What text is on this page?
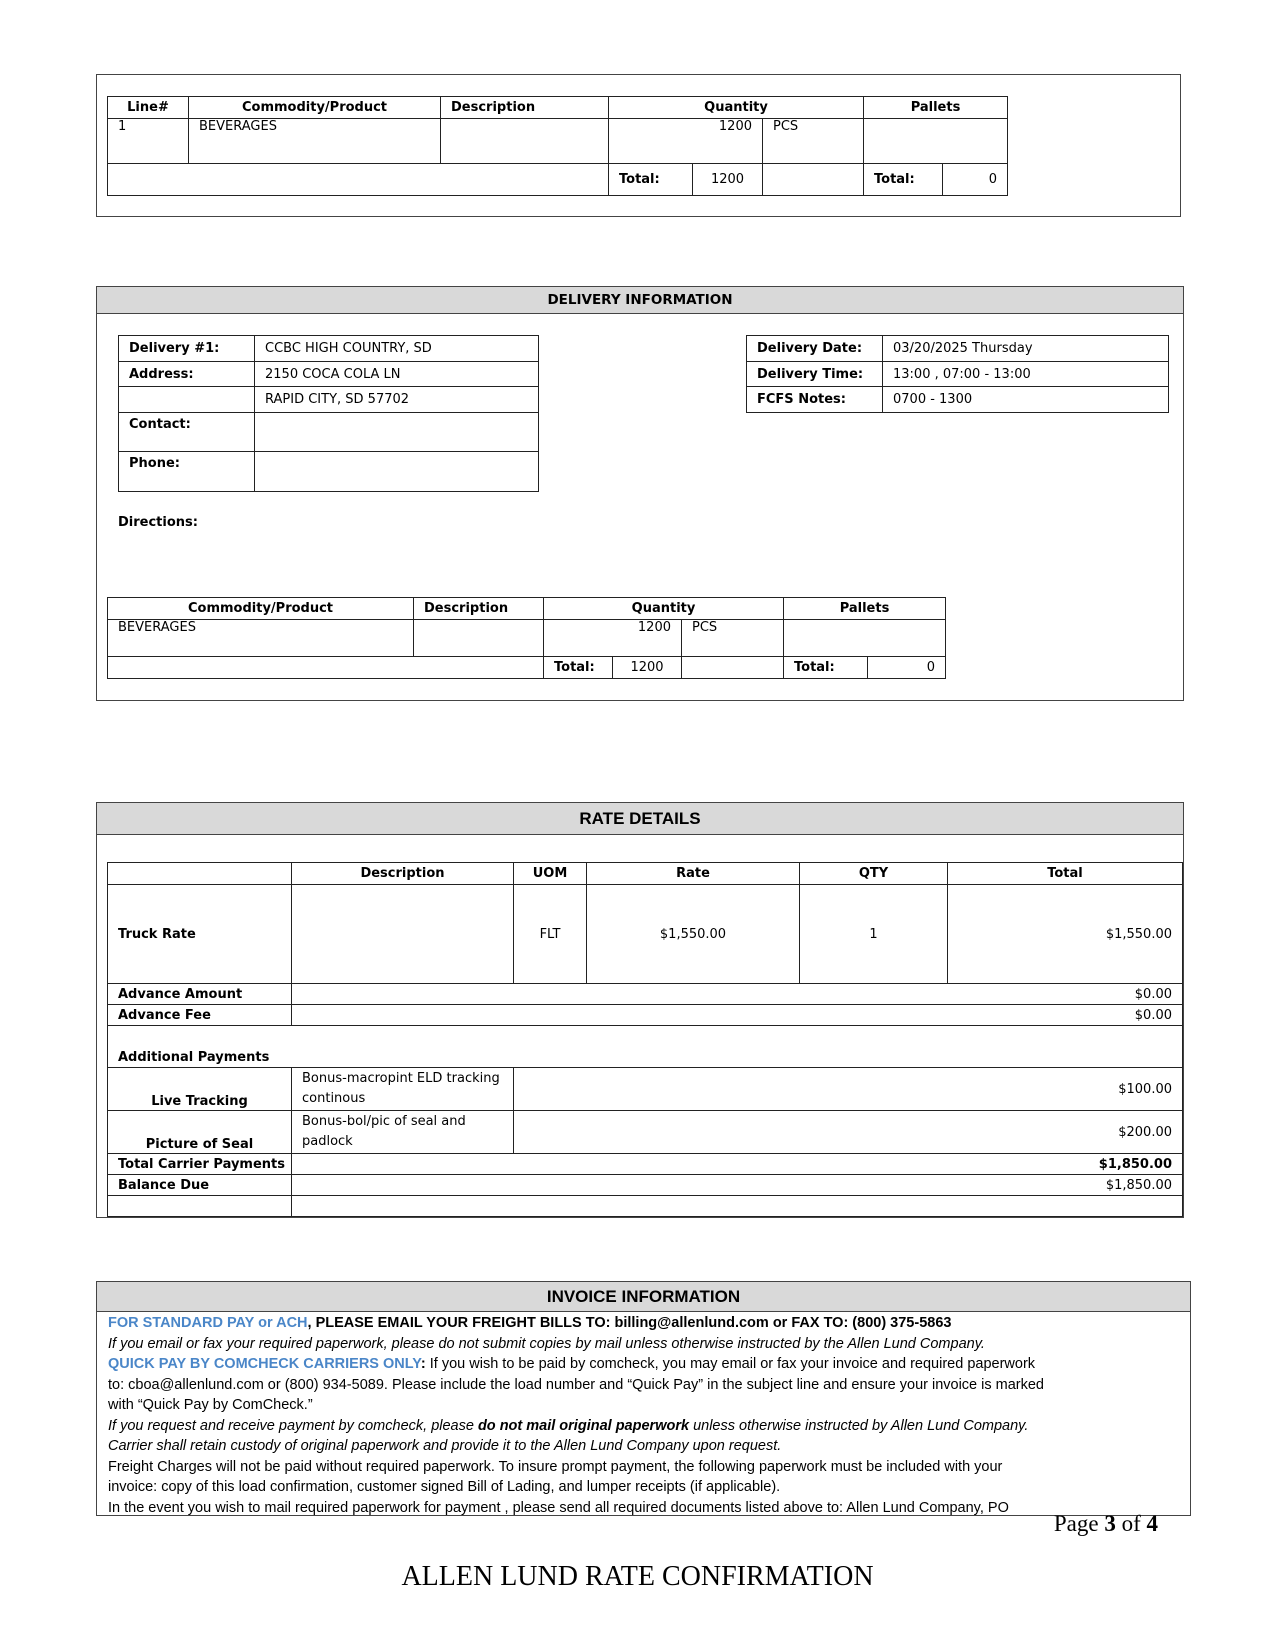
Line#	Commodity/Product	Description	Quantity			Pallets	
1	BEVERAGES		1200		PCS		
			Total:	1200		Total:	0
DELIVERY INFORMATION
Delivery #1:	CCBC HIGH COUNTRY, SD
Address:	2150 COCA COLA LN
	RAPID CITY, SD 57702
Contact:	
Phone:	
Delivery Date:	03/20/2025 Thursday
Delivery Time:	13:00 , 07:00 - 13:00
FCFS Notes:	0700 - 1300
Directions:
Commodity/Product	Description	Quantity			Pallets	
BEVERAGES		1200		PCS		
		Total:	1200		Total:	0
RATE DETAILS
	Description	UOM	Rate	QTY	Total
Truck Rate		FLT	$1,550.00	1	$1,550.00
Advance Amount	$0.00				
Advance Fee	$0.00				
Additional Payments					
Live Tracking	Bonus-macropint ELD tracking continous	$100.00			
Picture of Seal	Bonus-bol/pic of seal and padlock	$200.00			
Total Carrier Payments	$1,850.00				
Balance Due	$1,850.00				

INVOICE INFORMATION
FOR STANDARD PAY or ACH, PLEASE EMAIL YOUR FREIGHT BILLS TO: billing@allenlund.com or FAX TO: (800) 375-5863
If you email or fax your required paperwork, please do not submit copies by mail unless otherwise instructed by the Allen Lund Company.
QUICK PAY BY COMCHECK CARRIERS ONLY: If you wish to be paid by comcheck, you may email or fax your invoice and required paperwork
to: cboa@allenlund.com or (800) 934-5089. Please include the load number and “Quick Pay” in the subject line and ensure your invoice is marked
with “Quick Pay by ComCheck.”
If you request and receive payment by comcheck, please do not mail original paperwork unless otherwise instructed by Allen Lund Company.
Carrier shall retain custody of original paperwork and provide it to the Allen Lund Company upon request.
Freight Charges will not be paid without required paperwork. To insure prompt payment, the following paperwork must be included with your
invoice: copy of this load confirmation, customer signed Bill of Lading, and lumper receipts (if applicable).
In the event you wish to mail required paperwork for payment , please send all required documents listed above to: Allen Lund Company, PO
Page 3 of 4
ALLEN LUND RATE CONFIRMATION
